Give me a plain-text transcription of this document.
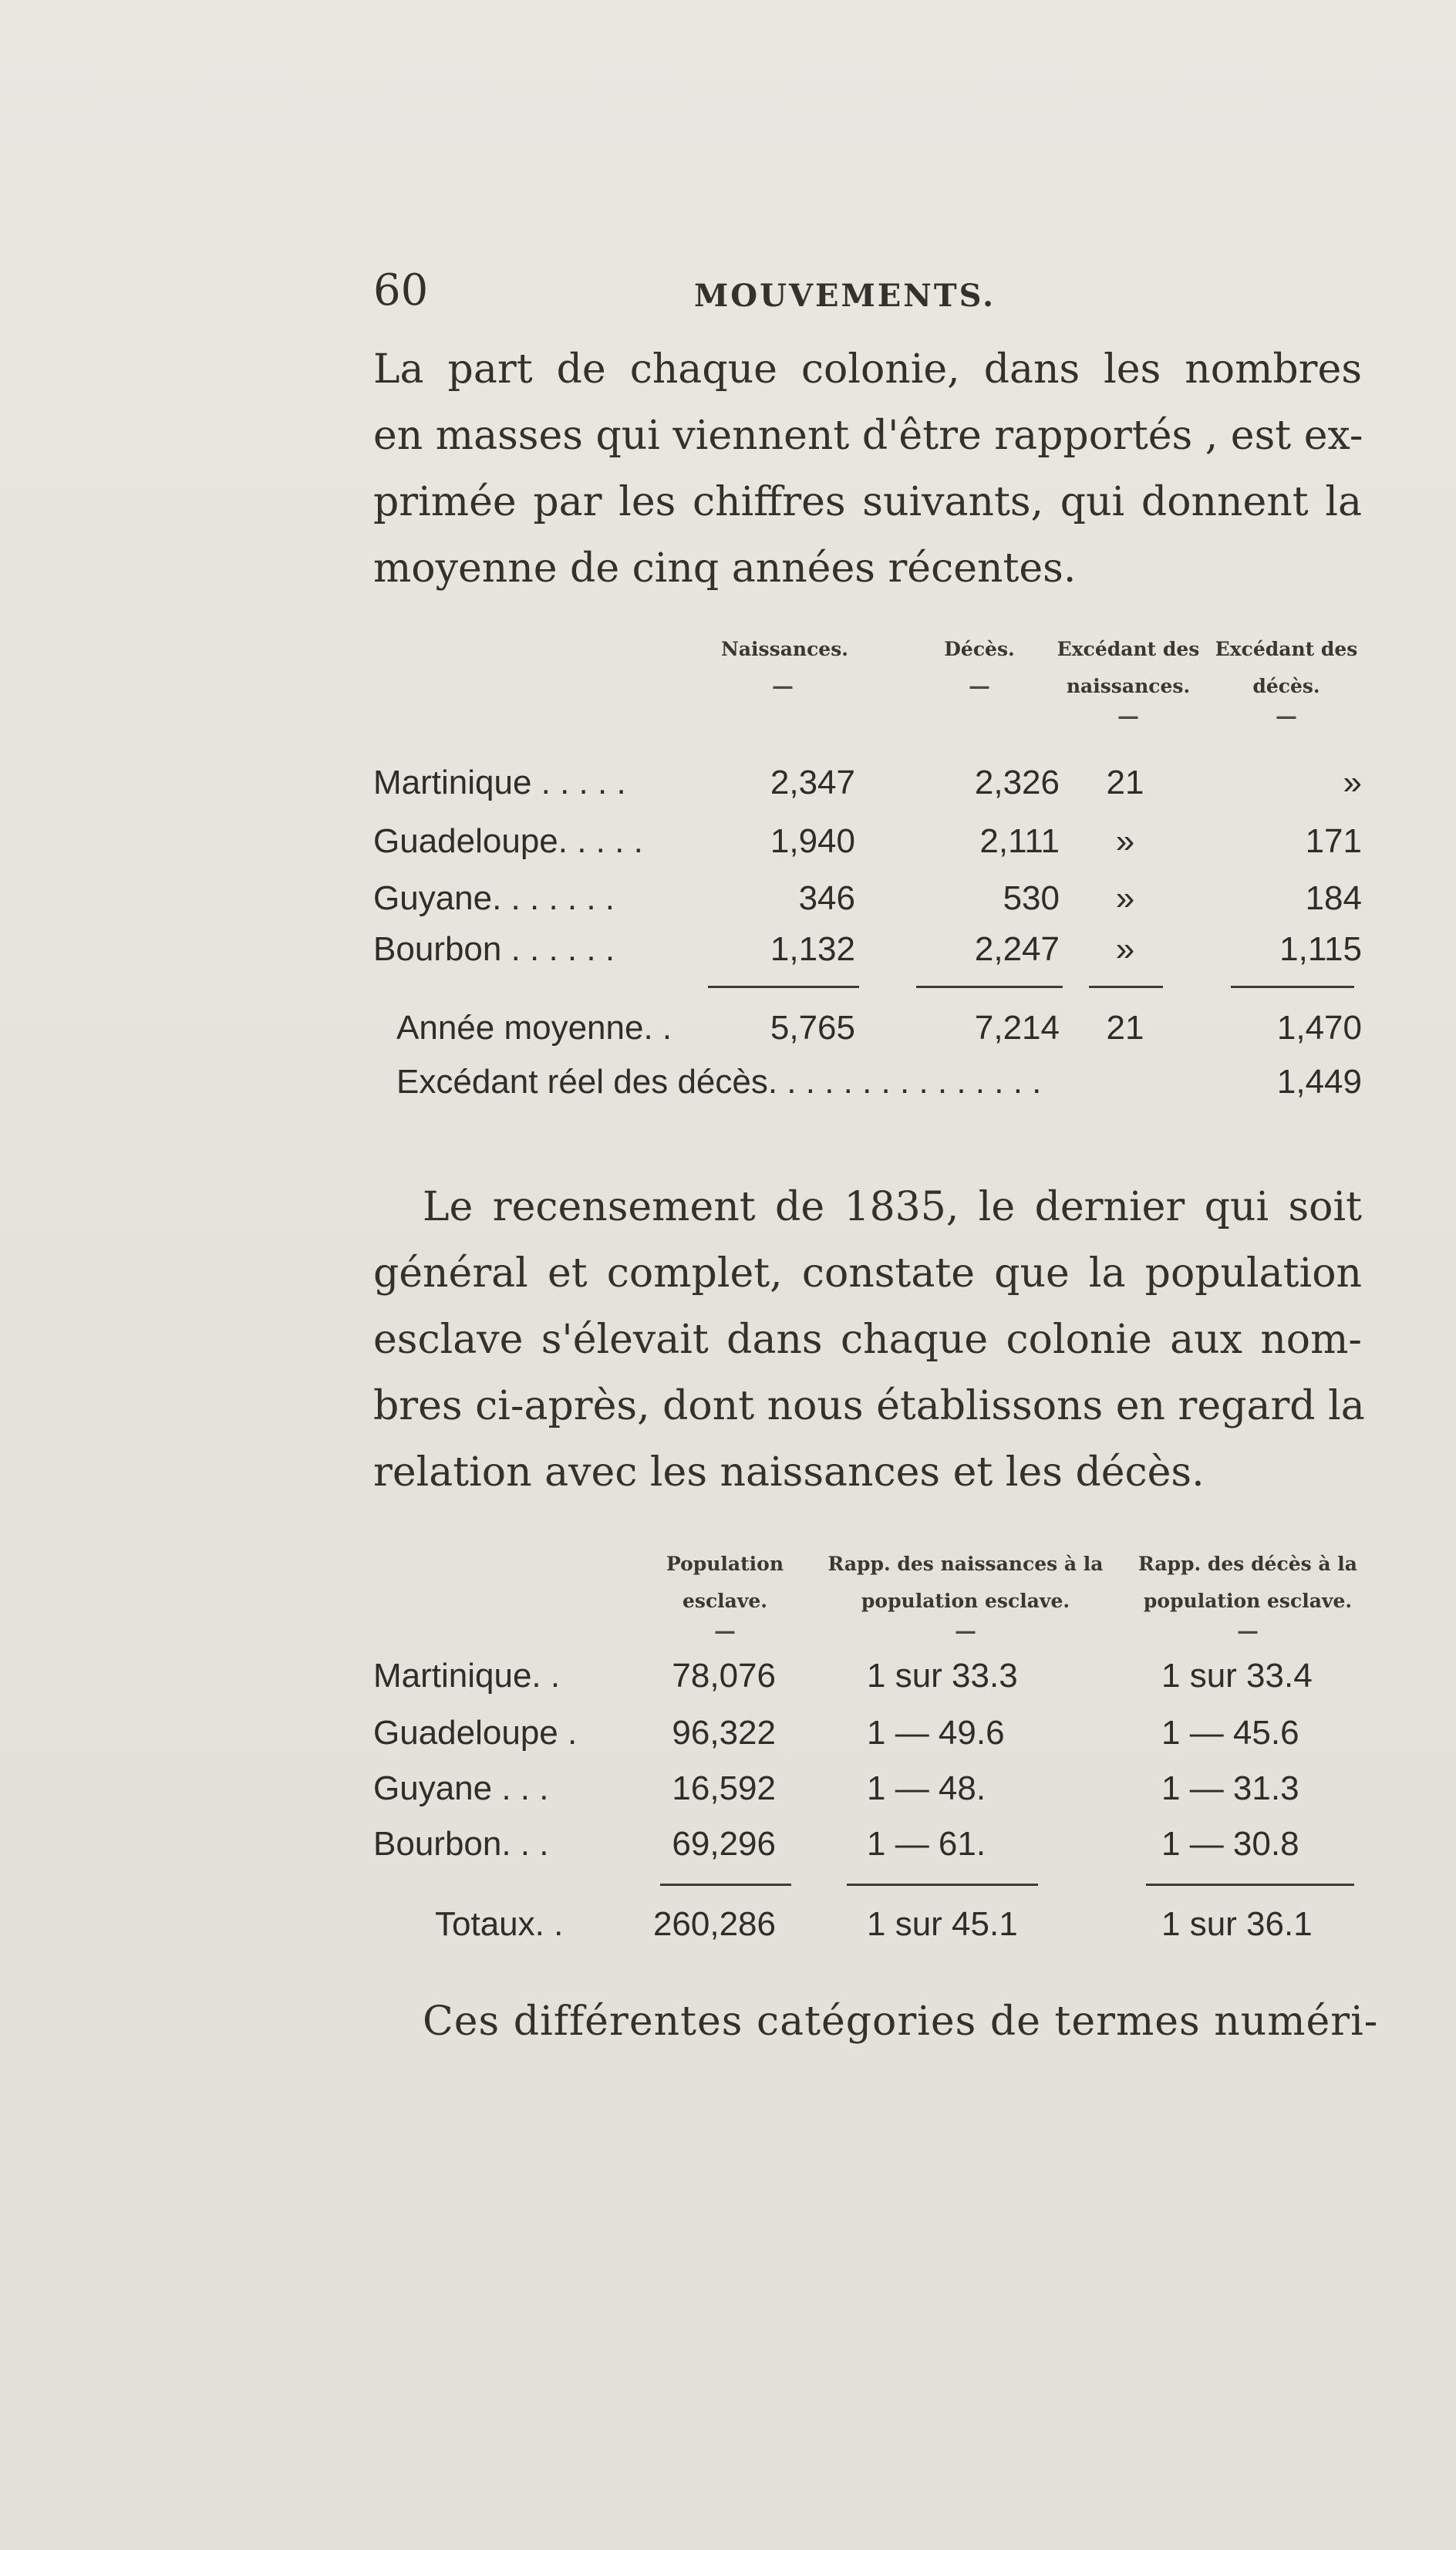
60	MOUVEMENTS.
La part de chaque colonie, dans les nombres
en masses qui viennent d'être rapportés , est ex-
primée par les chiffres suivants, qui donnent la
moyenne de cinq années récentes.
Naissances.
—
Décès.
—
Excédant des
naissances.
—
Excédant des
décès.
—
Martinique . . . . .	2,347	2,326	21	»
Guadeloupe. . . . .	1,940	2,111	»	171
Guyane. . . . . . .	346	530	»	184
Bourbon . . . . . .	1,132	2,247	»	1,115
Année moyenne. .	5,765	7,214	21	1,470
Excédant réel des décès. . . . . . . . . . . . . . .	1,449
Le recensement de 1835, le dernier qui soit
général et complet, constate que la population
esclave s'élevait dans chaque colonie aux nom-
bres ci-après, dont nous établissons en regard la
relation avec les naissances et les décès.
Population
esclave.
—
Rapp. des naissances à la
population esclave.
—
Rapp. des décès à la
population esclave.
—
Martinique. .	78,076	1 sur 33.3	1 sur 33.4
Guadeloupe .	96,322	1 — 49.6	1 — 45.6
Guyane . . .	16,592	1 — 48.	1 — 31.3
Bourbon. . .	69,296	1 — 61.	1 — 30.8
Totaux. .	260,286	1 sur 45.1	1 sur 36.1
Ces différentes catégories de termes numéri-
